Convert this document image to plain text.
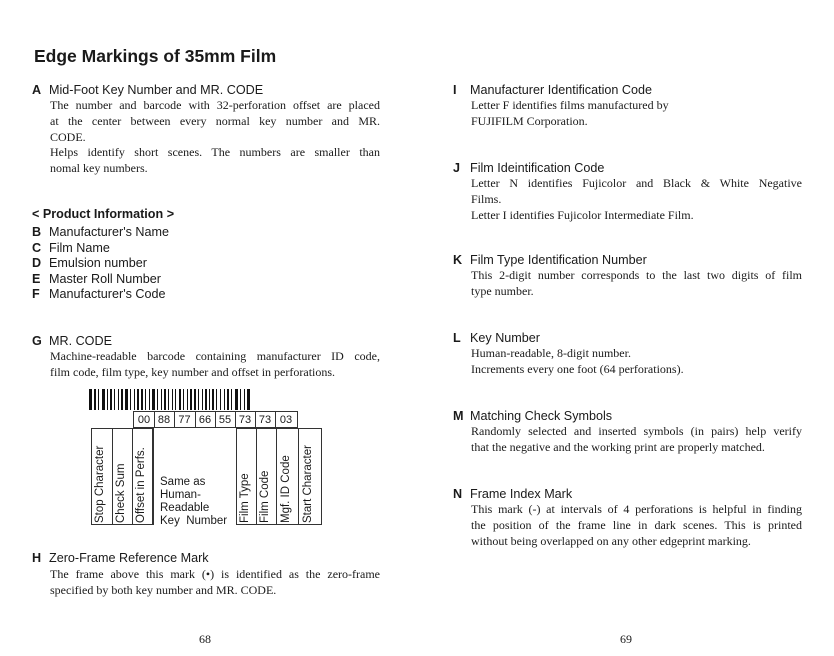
Edge Markings of 35mm Film
A Mid-Foot Key Number and MR. CODE
The number and barcode with 32-perforation offset are placed
at the center between every normal key number and MR.
CODE.
Helps identify short scenes. The numbers are smaller than
nomal key numbers.
< Product Information >
B Manufacturer's Name
C Film Name
D Emulsion number
E Master Roll Number
F Manufacturer's Code
G MR. CODE
Machine-readable barcode containing manufacturer ID code,
film code, film type, key number and offset in perforations.
00 88 77 66 55 73 73 03
Stop Character Check Sum Offset in Perfs. Same as
Human-
Readable
Key  Number Film Type Film Code Mgf. ID Code Start Character
H Zero-Frame Reference Mark
The frame above this mark (•) is identified as the zero-frame
specified by both key number and MR. CODE.
68
I Manufacturer Identification Code
Letter F identifies films manufactured by
FUJIFILM Corporation.
J Film Ideintification Code
Letter N identifies Fujicolor and Black & White Negative
Films.
Letter I identifies Fujicolor Intermediate Film.
K Film Type Identification Number
This 2-digit number corresponds to the last two digits of film
type number.
L Key Number
Human-readable, 8-digit number.
Increments every one foot (64 perforations).
M Matching Check Symbols
Randomly selected and inserted symbols (in pairs) help verify
that the negative and the working print are properly matched.
N Frame Index Mark
This mark (-) at intervals of 4 perforations is helpful in finding
the position of the frame line in dark scenes. This is printed
without being overlapped on any other edgeprint marking.
69
